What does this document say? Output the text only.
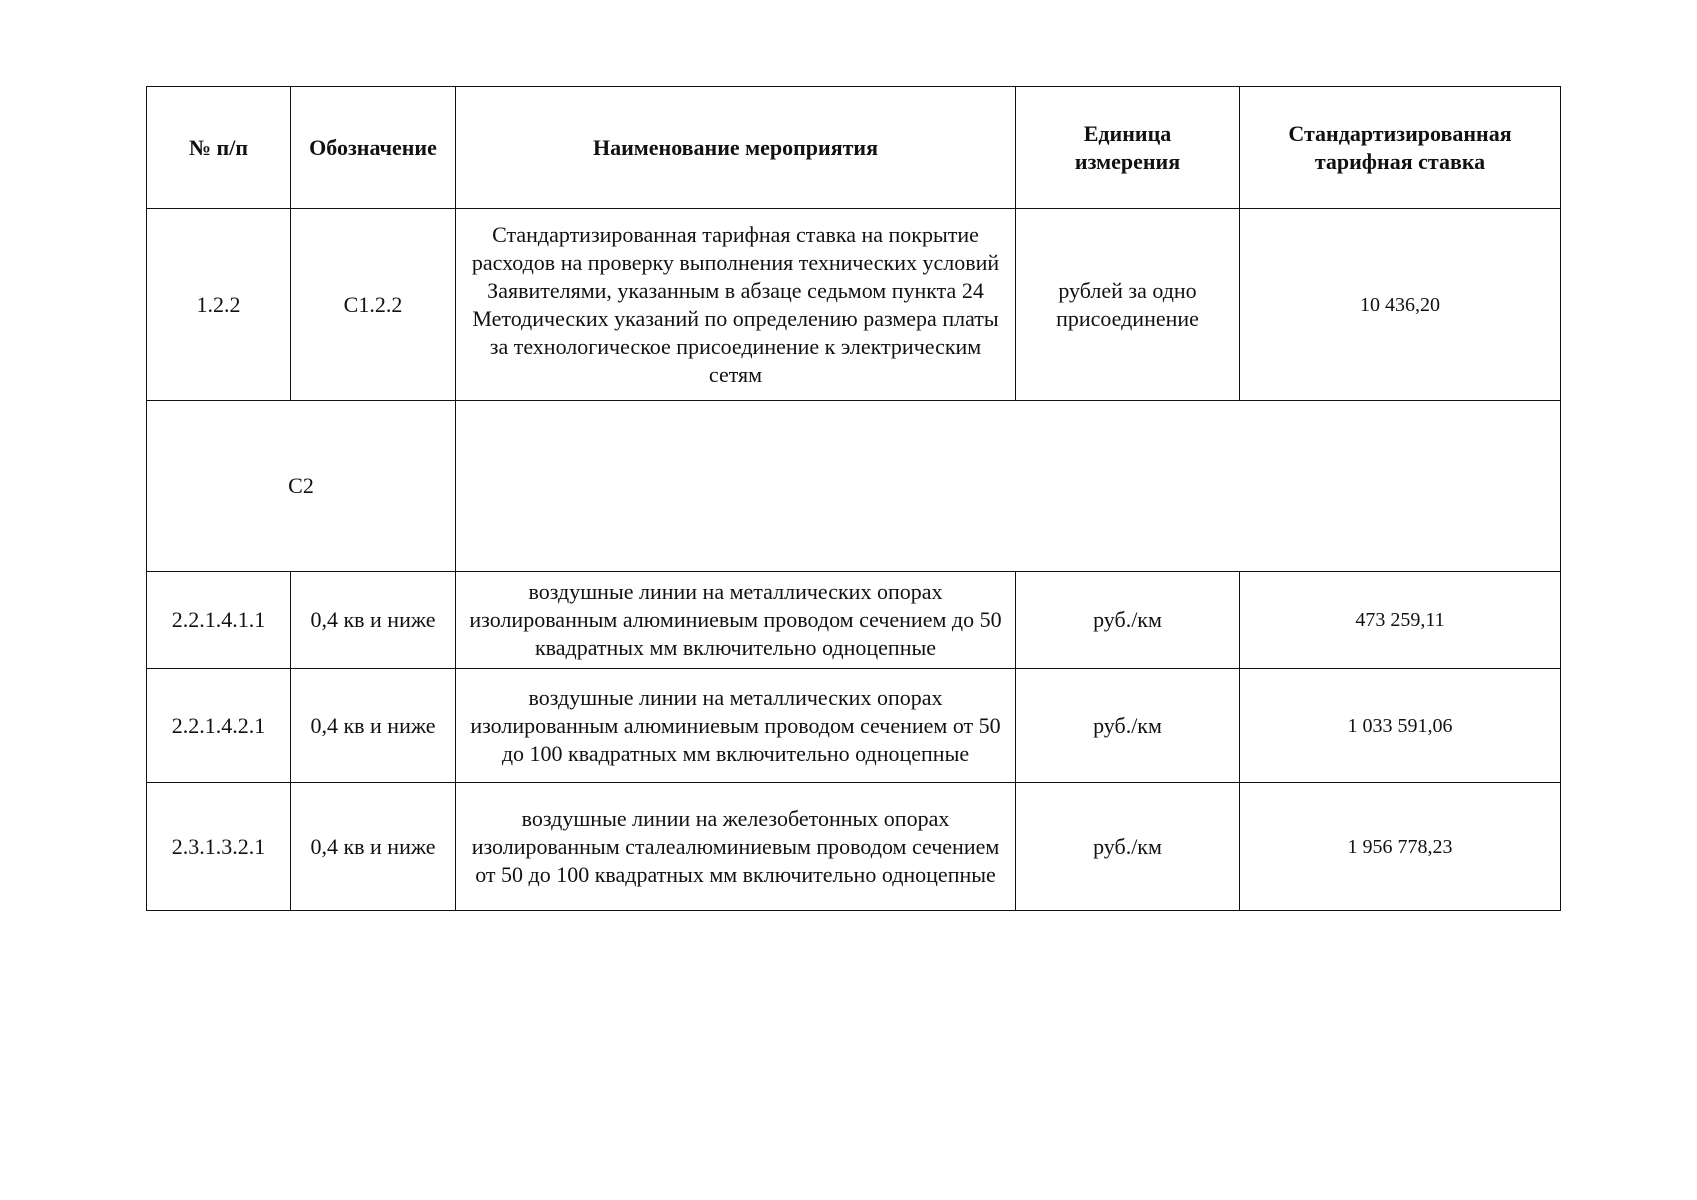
№ п/п	Обозначение	Наименование мероприятия	Единица измерения	Стандартизированная тарифная ставка

1.2.2	С1.2.2	Стандартизированная тарифная ставка на покрытие расходов на проверку выполнения технических условий Заявителями, указанным в абзаце седьмом пункта 24 Методических указаний по определению размера платы за технологическое присоединение к электрическим сетям	рублей за одно присоединение	10 436,20
С2				
2.2.1.4.1.1	0,4 кв и ниже	воздушные линии на металлических опорах изолированным алюминиевым проводом сечением до 50 квадратных мм включительно одноцепные	руб./км	473 259,11
2.2.1.4.2.1	0,4 кв и ниже	воздушные линии на металлических опорах изолированным алюминиевым проводом сечением от 50 до 100 квадратных мм включительно одноцепные	руб./км	1 033 591,06
2.3.1.3.2.1	0,4 кв и ниже	воздушные линии на железобетонных опорах изолированным сталеалюминиевым проводом сечением от 50 до 100 квадратных мм включительно одноцепные	руб./км	1 956 778,23
